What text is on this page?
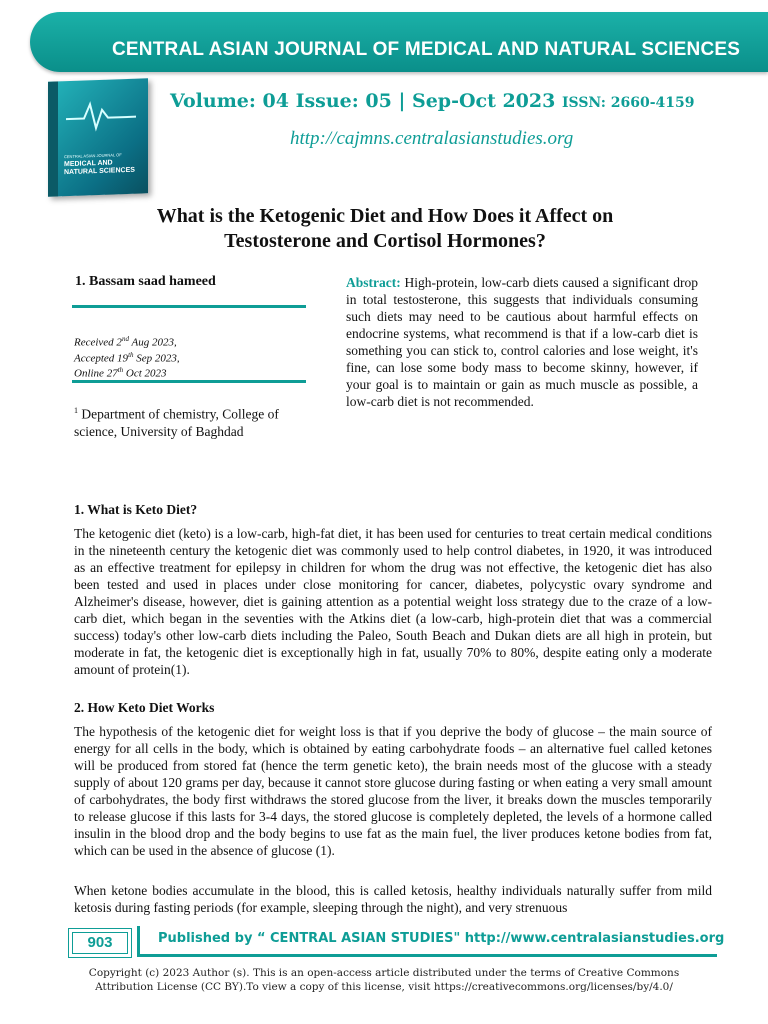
CENTRAL ASIAN JOURNAL OF MEDICAL AND NATURAL SCIENCES
CENTRAL ASIAN JOURNAL OF
MEDICAL AND NATURAL SCIENCES
Volume: 04 Issue: 05 | Sep-Oct 2023 ISSN: 2660-4159
http://cajmns.centralasianstudies.org
What is the Ketogenic Diet and How Does it Affect on
Testosterone and Cortisol Hormones?
1. Bassam saad hameed
Received 2nd Aug 2023,
Accepted 19th Sep 2023,
Online 27th Oct 2023
$^1$ Department of chemistry, College of science, University of Baghdad
Abstract: High-protein, low-carb diets caused a significant drop in total testosterone, this suggests that individuals consuming such diets may need to be cautious about harmful effects on endocrine systems, what recommend is that if a low-carb diet is something you can stick to, control calories and lose weight, it's fine, can lose some body mass to become skinny, however, if your goal is to maintain or gain as much muscle as possible, a low-carb diet is not recommended.
1. What is Keto Diet?
The ketogenic diet (keto) is a low-carb, high-fat diet, it has been used for centuries to treat certain medical conditions in the nineteenth century the ketogenic diet was commonly used to help control diabetes, in 1920, it was introduced as an effective treatment for epilepsy in children for whom the drug was not effective, the ketogenic diet has also been tested and used in places under close monitoring for cancer, diabetes, polycystic ovary syndrome and Alzheimer's disease, however, diet is gaining attention as a potential weight loss strategy due to the craze of a low-carb diet, which began in the seventies with the Atkins diet (a low-carb, high-protein diet that was a commercial success) today's other low-carb diets including the Paleo, South Beach and Dukan diets are all high in protein, but moderate in fat, the ketogenic diet is exceptionally high in fat, usually 70% to 80%, despite eating only a moderate amount of protein(1).
2. How Keto Diet Works
The hypothesis of the ketogenic diet for weight loss is that if you deprive the body of glucose – the main source of energy for all cells in the body, which is obtained by eating carbohydrate foods – an alternative fuel called ketones will be produced from stored fat (hence the term genetic keto), the brain needs most of the glucose with a steady supply of about 120 grams per day, because it cannot store glucose during fasting or when eating a very small amount of carbohydrates, the body first withdraws the stored glucose from the liver, it breaks down the muscles temporarily to release glucose if this lasts for 3-4 days, the stored glucose is completely depleted, the levels of a hormone called insulin in the blood drop and the body begins to use fat as the main fuel, the liver produces ketone bodies from fat, which can be used in the absence of glucose (1).
When ketone bodies accumulate in the blood, this is called ketosis, healthy individuals naturally suffer from mild ketosis during fasting periods (for example, sleeping through the night), and very strenuous
903	Published by “ CENTRAL ASIAN STUDIES" http://www.centralasianstudies.org
Copyright (c) 2023 Author (s). This is an open-access article distributed under the terms of Creative Commons Attribution License (CC BY).To view a copy of this license, visit https://creativecommons.org/licenses/by/4.0/
